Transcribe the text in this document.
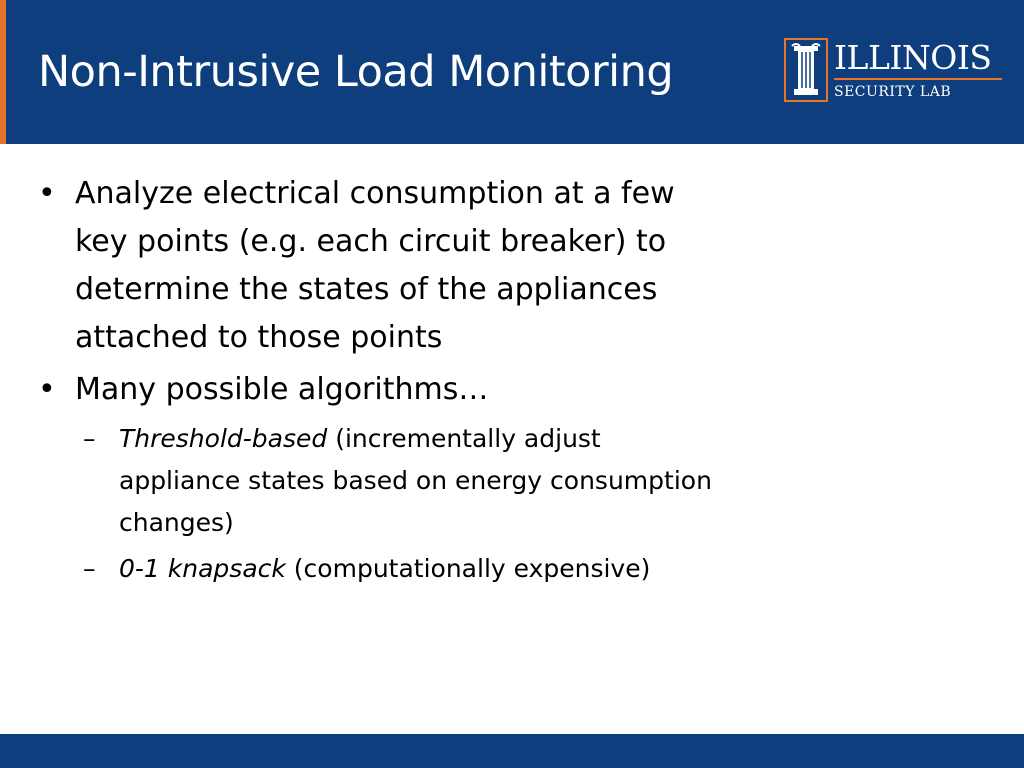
Non-Intrusive Load Monitoring	ILLINOIS
SECURITY LAB
• Analyze electrical consumption at a few key points (e.g. each circuit breaker) to determine the states of the appliances attached to those points
• Many possible algorithms…
– Threshold-based (incrementally adjust appliance states based on energy consumption changes)
– 0-1 knapsack (computationally expensive)
